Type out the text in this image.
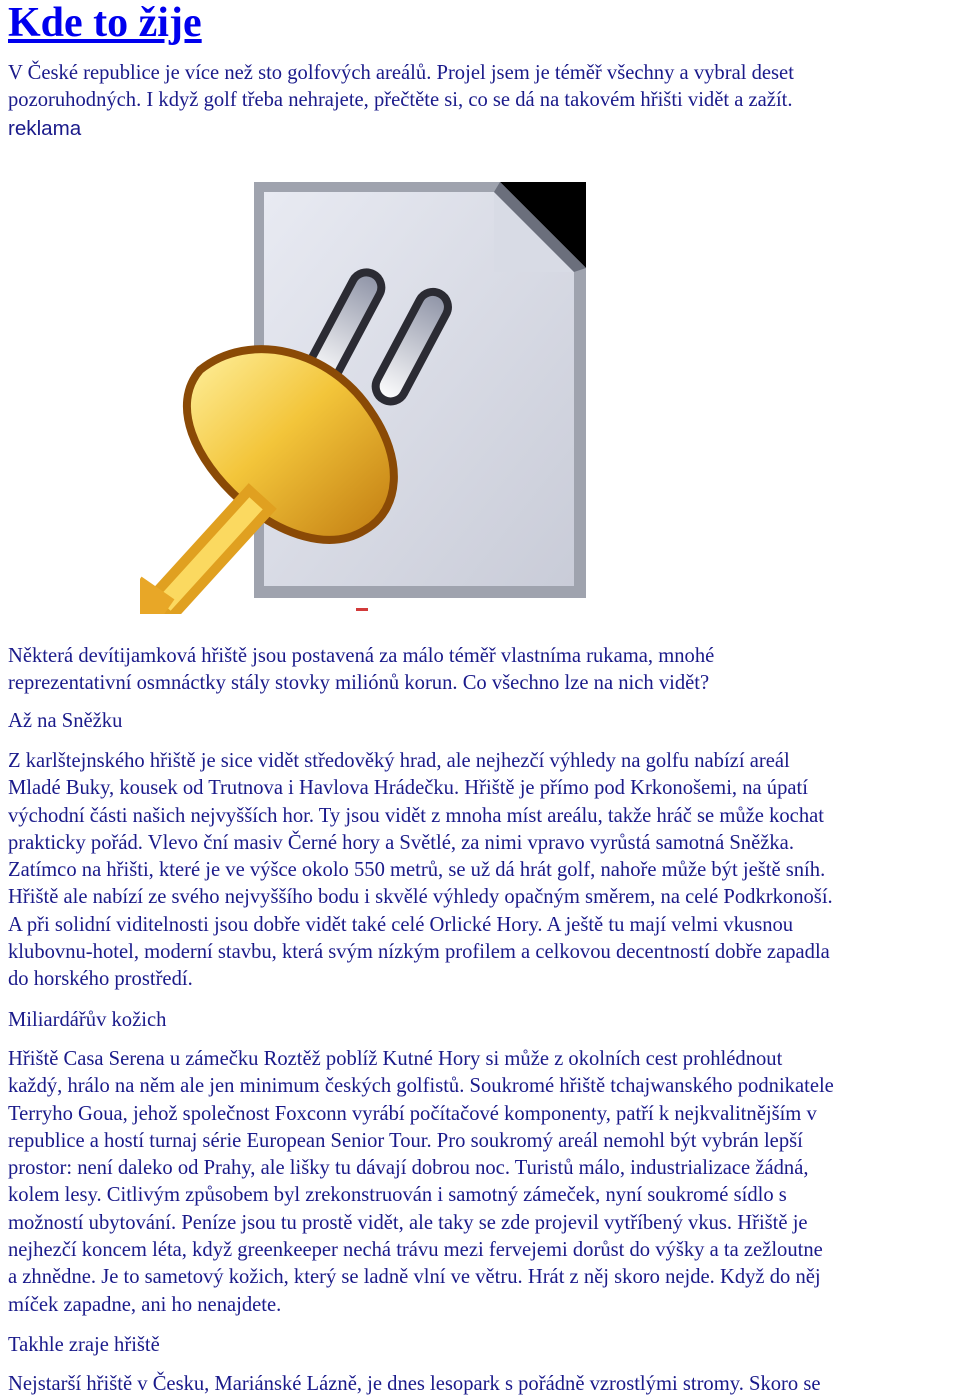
Kde to žije

V České republice je více než sto golfových areálů. Projel jsem je téměř všechny a vybral deset
pozoruhodných. I když golf třeba nehrajete, přečtěte si, co se dá na takovém hřišti vidět a zažít.

reklama

Některá devítijamková hřiště jsou postavená za málo téměř vlastníma rukama, mnohé
reprezentativní osmnáctky stály stovky miliónů korun. Co všechno lze na nich vidět?

Až na Sněžku

Z karlštejnského hřiště je sice vidět středověký hrad, ale nejhezčí výhledy na golfu nabízí areál
Mladé Buky, kousek od Trutnova i Havlova Hrádečku. Hřiště je přímo pod Krkonošemi, na úpatí
východní části našich nejvyšších hor. Ty jsou vidět z mnoha míst areálu, takže hráč se může kochat
prakticky pořád. Vlevo ční masiv Černé hory a Světlé, za nimi vpravo vyrůstá samotná Sněžka.
Zatímco na hřišti, které je ve výšce okolo 550 metrů, se už dá hrát golf, nahoře může být ještě sníh.
Hřiště ale nabízí ze svého nejvyššího bodu i skvělé výhledy opačným směrem, na celé Podkrkonoší.
A při solidní viditelnosti jsou dobře vidět také celé Orlické Hory. A ještě tu mají velmi vkusnou
klubovnu-hotel, moderní stavbu, která svým nízkým profilem a celkovou decentností dobře zapadla
do horského prostředí.

Miliardářův kožich

Hřiště Casa Serena u zámečku Roztěž poblíž Kutné Hory si může z okolních cest prohlédnout
každý, hrálo na něm ale jen minimum českých golfistů. Soukromé hřiště tchajwanského podnikatele
Terryho Goua, jehož společnost Foxconn vyrábí počítačové komponenty, patří k nejkvalitnějším v
republice a hostí turnaj série European Senior Tour. Pro soukromý areál nemohl být vybrán lepší
prostor: není daleko od Prahy, ale lišky tu dávají dobrou noc. Turistů málo, industrializace žádná,
kolem lesy. Citlivým způsobem byl zrekonstruován i samotný zámeček, nyní soukromé sídlo s
možností ubytování. Peníze jsou tu prostě vidět, ale taky se zde projevil vytříbený vkus. Hřiště je
nejhezčí koncem léta, když greenkeeper nechá trávu mezi fervejemi dorůst do výšky a ta zežloutne
a zhnědne. Je to sametový kožich, který se ladně vlní ve větru. Hrát z něj skoro nejde. Když do něj
míček zapadne, ani ho nenajdete.

Takhle zraje hřiště

Nejstarší hřiště v Česku, Mariánské Lázně, je dnes lesopark s pořádně vzrostlými stromy. Skoro se
